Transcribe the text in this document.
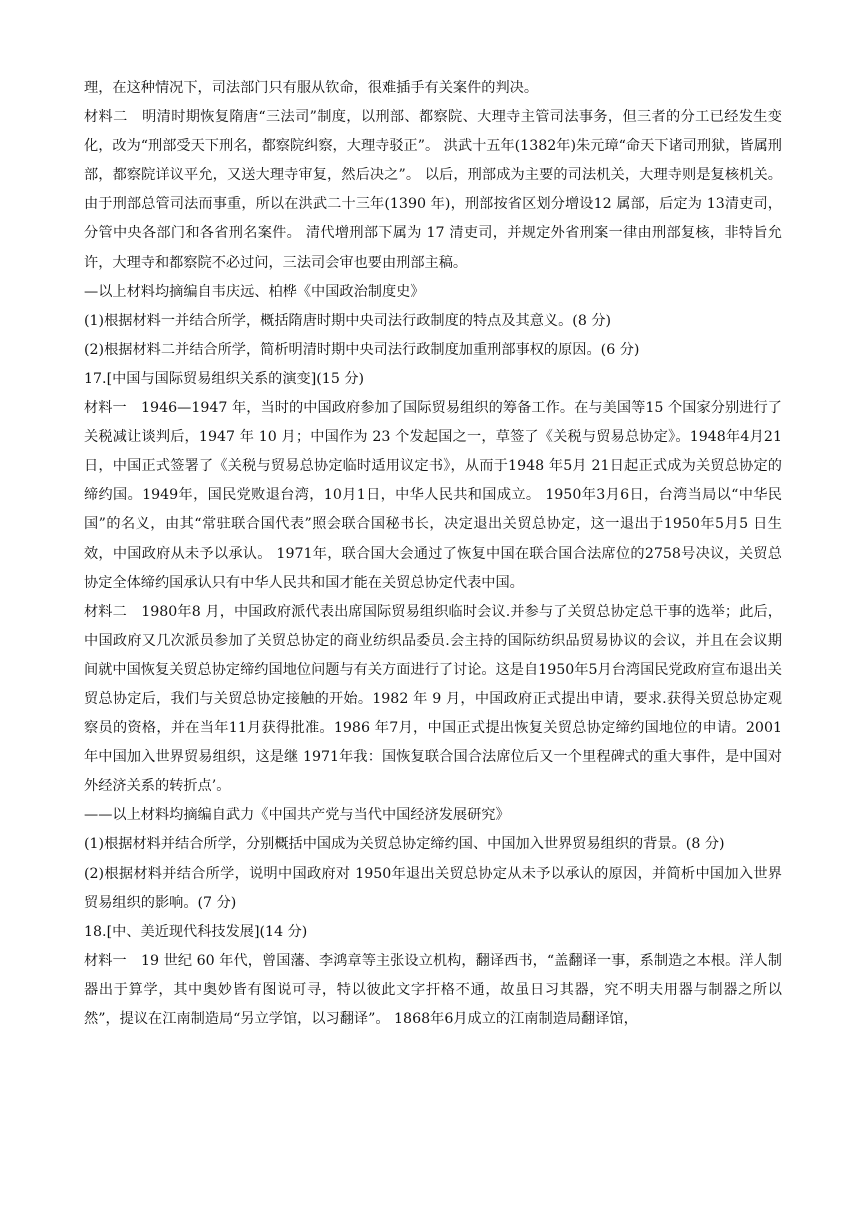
理，在这种情况下，司法部门只有服从钦命，很难插手有关案件的判决。

材料二　明清时期恢复隋唐“三法司”制度，以刑部、都察院、大理寺主管司法事务，但三者的分工已经发生变化，改为“刑部受天下刑名，都察院纠察，大理寺驳正”。 洪武十五年(1382年)朱元璋“命天下诸司刑狱，皆属刑部，都察院详议平允，又送大理寺审复，然后决之”。 以后，刑部成为主要的司法机关，大理寺则是复核机关。 由于刑部总管司法而事重，所以在洪武二十三年(1390 年)，刑部按省区划分增设12 属部，后定为 13清吏司，分管中央各部门和各省刑名案件。 清代增刑部下属为 17 清吏司，并规定外省刑案一律由刑部复核，非特旨允许，大理寺和都察院不必过问，三法司会审也要由刑部主稿。

—以上材料均摘编自韦庆远、柏桦《中国政治制度史》

(1)根据材料一并结合所学，概括隋唐时期中央司法行政制度的特点及其意义。(8 分)

(2)根据材料二并结合所学，简析明清时期中央司法行政制度加重刑部事权的原因。(6 分)

17.[中国与国际贸易组织关系的演变](15 分)

材料一　1946—1947 年，当时的中国政府参加了国际贸易组织的筹备工作。在与美国等15 个国家分别进行了关税减让谈判后，1947 年 10 月；中国作为 23 个发起国之一，草签了《关税与贸易总协定》。1948年4月21日，中国正式签署了《关税与贸易总协定临时适用议定书》，从而于1948 年5月 21日起正式成为关贸总协定的缔约国。1949年，国民党败退台湾，10月1日，中华人民共和国成立。 1950年3月6日，台湾当局以“中华民国”的名义，由其“常驻联合国代表”照会联合国秘书长，决定退出关贸总协定，这一退出于1950年5月5 日生效，中国政府从未予以承认。 1971年，联合国大会通过了恢复中国在联合国合法席位的2758号决议，关贸总协定全体缔约国承认只有中华人民共和国才能在关贸总协定代表中国。

材料二　1980年8 月，中国政府派代表出席国际贸易组织临时会议.并参与了关贸总协定总干事的选举；此后，中国政府又几次派员参加了关贸总协定的商业纺织品委员.会主持的国际纺织品贸易协议的会议，并且在会议期间就中国恢复关贸总协定缔约国地位问题与有关方面进行了讨论。这是自1950年5月台湾国民党政府宣布退出关贸总协定后，我们与关贸总协定接触的开始。1982 年 9 月，中国政府正式提出申请，要求.获得关贸总协定观察员的资格，并在当年11月获得批准。1986 年7月，中国正式提出恢复关贸总协定缔约国地位的申请。2001年中国加入世界贸易组织，这是继 1971年我：国恢复联合国合法席位后又一个里程碑式的重大事件，是中国对外经济关系的转折点’。

——以上材料均摘编自武力《中国共产党与当代中国经济发展研究》

(1)根据材料并结合所学，分别概括中国成为关贸总协定缔约国、中国加入世界贸易组织的背景。(8 分)

(2)根据材料并结合所学，说明中国政府对 1950年退出关贸总协定从未予以承认的原因，并简析中国加入世界贸易组织的影响。(7 分)

18.[中、美近现代科技发展](14 分)

材料一　19 世纪 60 年代，曾国藩、李鸿章等主张设立机构，翻译西书，“盖翻译一事，系制造之本根。洋人制器出于算学，其中奥妙皆有图说可寻，特以彼此文字扞格不通，故虽日习其器，究不明夫用器与制器之所以然”，提议在江南制造局“另立学馆，以习翻译”。 1868年6月成立的江南制造局翻译馆，
